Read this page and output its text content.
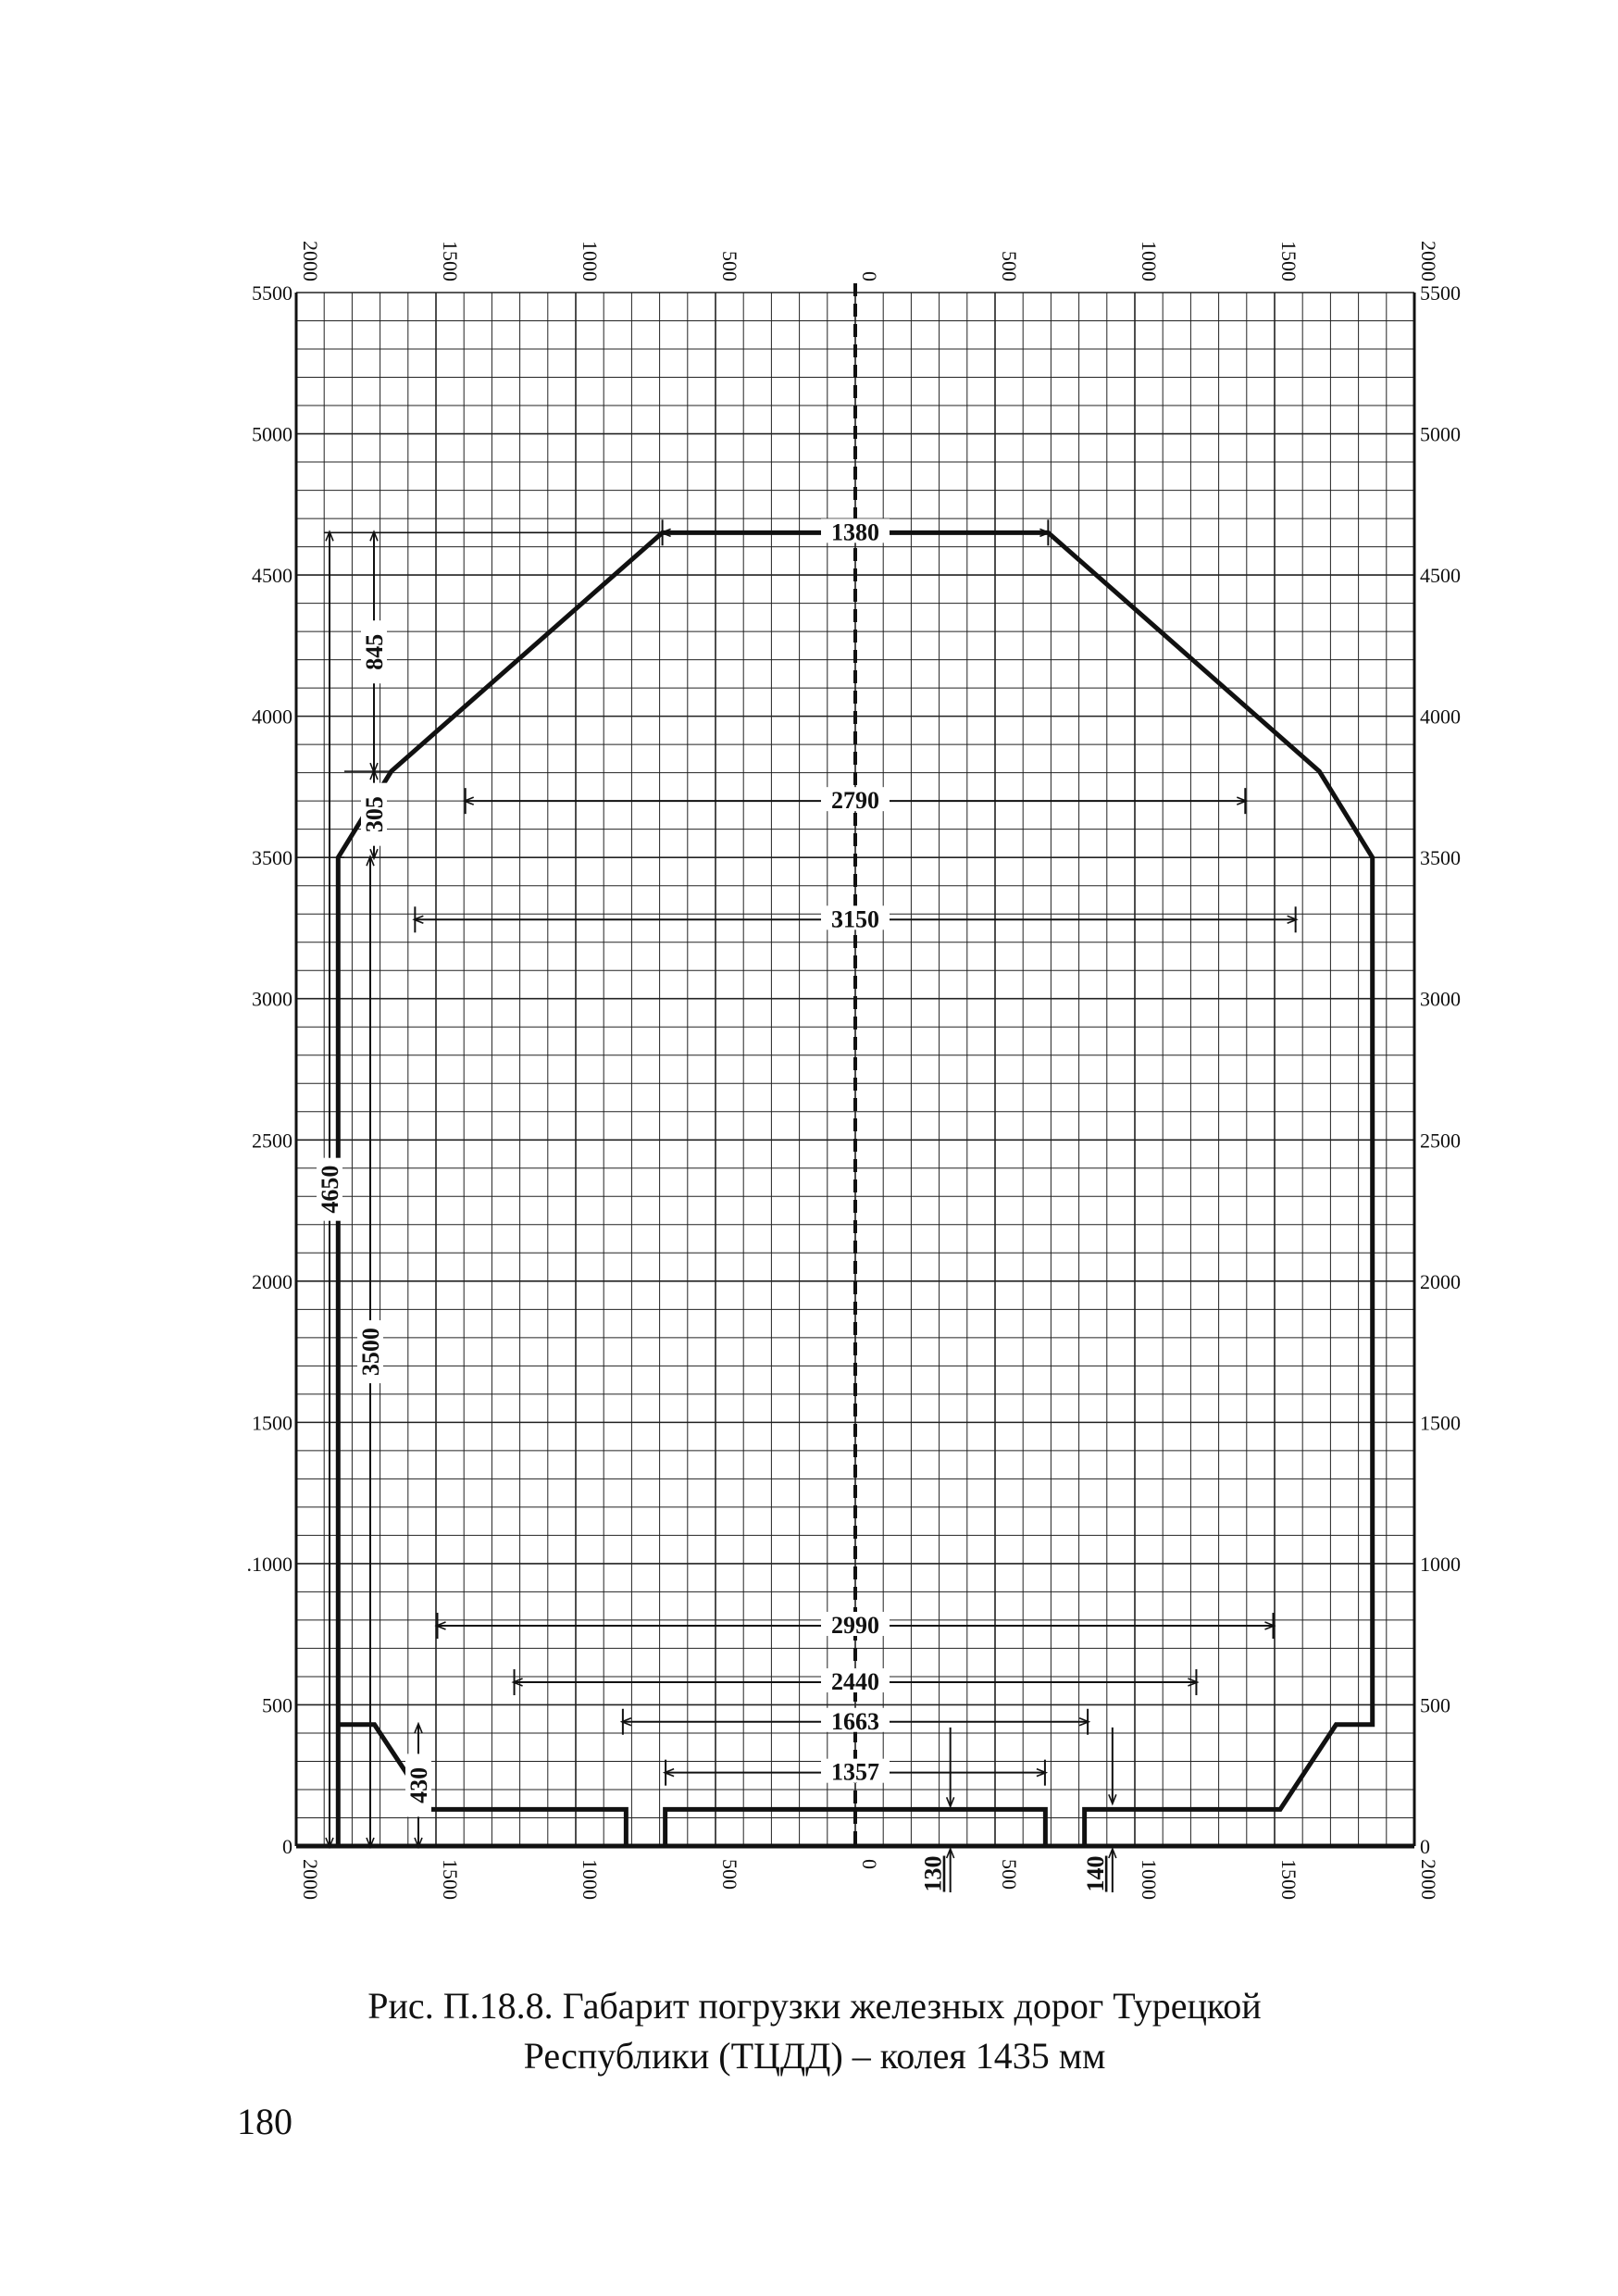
2000	1500	1000	500	0	500	1000	1500	2000
2000	1500	1000	500	0	500	1000	1500	2000
5500
5000
4500
4000
3500
3000
2500
2000
1500
.1000
500
0
5500
5000
4500
4000
3500
3000
2500
2000
1500
1000
500
0
1380
2790
3150
2990
2440
1663
1357
4650
3500
845
305
430
130	140
Рис. П.18.8. Габарит погрузки железных дорог Турецкой
Республики (ТЦДД) – колея 1435 мм
180
